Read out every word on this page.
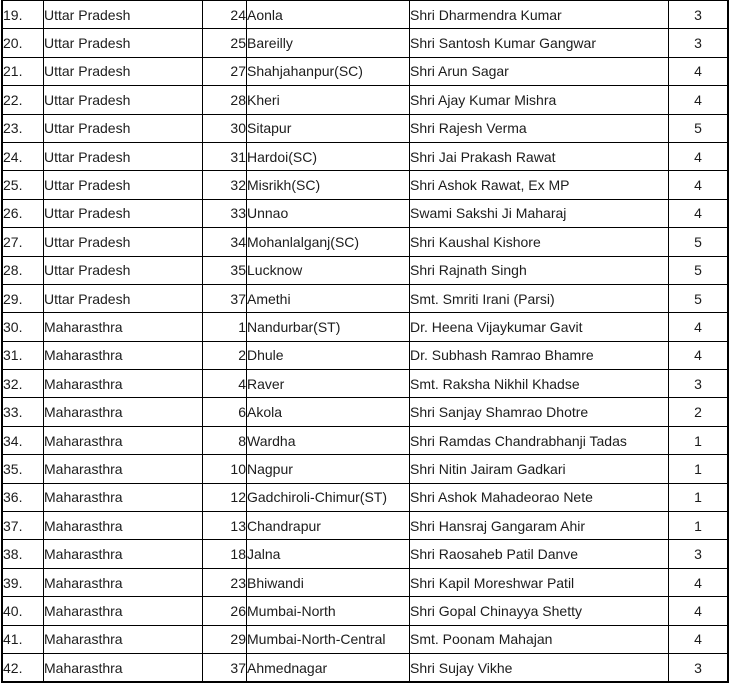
19.	Uttar Pradesh	24	Aonla	Shri Dharmendra Kumar	3
20.	Uttar Pradesh	25	Bareilly	Shri Santosh Kumar Gangwar	3
21.	Uttar Pradesh	27	Shahjahanpur(SC)	Shri Arun Sagar	4
22.	Uttar Pradesh	28	Kheri	Shri Ajay Kumar Mishra	4
23.	Uttar Pradesh	30	Sitapur	Shri Rajesh Verma	5
24.	Uttar Pradesh	31	Hardoi(SC)	Shri Jai Prakash Rawat	4
25.	Uttar Pradesh	32	Misrikh(SC)	Shri Ashok Rawat, Ex MP	4
26.	Uttar Pradesh	33	Unnao	Swami Sakshi Ji Maharaj	4
27.	Uttar Pradesh	34	Mohanlalganj(SC)	Shri Kaushal Kishore	5
28.	Uttar Pradesh	35	Lucknow	Shri Rajnath Singh	5
29.	Uttar Pradesh	37	Amethi	Smt. Smriti Irani (Parsi)	5
30.	Maharasthra	1	Nandurbar(ST)	Dr. Heena Vijaykumar Gavit	4
31.	Maharasthra	2	Dhule	Dr. Subhash Ramrao Bhamre	4
32.	Maharasthra	4	Raver	Smt. Raksha Nikhil Khadse	3
33.	Maharasthra	6	Akola	Shri Sanjay Shamrao Dhotre	2
34.	Maharasthra	8	Wardha	Shri Ramdas Chandrabhanji Tadas	1
35.	Maharasthra	10	Nagpur	Shri Nitin Jairam Gadkari	1
36.	Maharasthra	12	Gadchiroli-Chimur(ST)	Shri Ashok Mahadeorao Nete	1
37.	Maharasthra	13	Chandrapur	Shri Hansraj Gangaram Ahir	1
38.	Maharasthra	18	Jalna	Shri Raosaheb Patil Danve	3
39.	Maharasthra	23	Bhiwandi	Shri Kapil Moreshwar Patil	4
40.	Maharasthra	26	Mumbai-North	Shri Gopal Chinayya Shetty	4
41.	Maharasthra	29	Mumbai-North-Central	Smt. Poonam Mahajan	4
42.	Maharasthra	37	Ahmednagar	Shri Sujay Vikhe	3
